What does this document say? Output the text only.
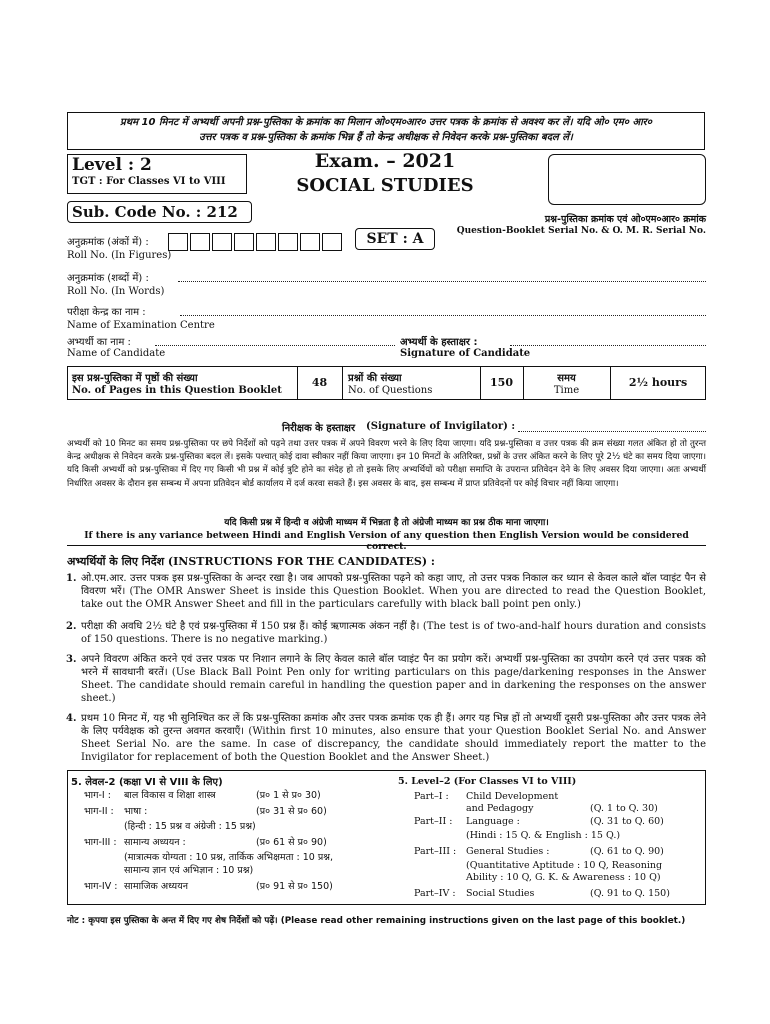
प्रथम 10 मिनट में अभ्यर्थी अपनी प्रश्न-पुस्तिका के क्रमांक का मिलान ओ०एम०आर० उत्तर पत्रक के क्रमांक से अवश्य कर लें। यदि ओ० एम० आर०
उत्तर पत्रक व प्रश्न-पुस्तिका के क्रमांक भिन्न हैं तो केन्द्र अधीक्षक से निवेदन करके प्रश्न-पुस्तिका बदल लें।
Level : 2
TGT : For Classes VI to VIII
Exam. – 2021
SOCIAL STUDIES
Sub. Code No. : 212	प्रश्न-पुस्तिका क्रमांक एवं ओ०एम०आर० क्रमांक
Question-Booklet Serial No. & O. M. R. Serial No.
SET : A
अनुक्रमांक (अंकों में) :
Roll No. (In Figures)
अनुक्रमांक (शब्दों में) :
Roll No. (In Words)
परीक्षा केन्द्र का नाम :
Name of Examination Centre
अभ्यर्थी का नाम :
Name of Candidate
अभ्यर्थी के हस्ताक्षर :
Signature of Candidate
इस प्रश्न-पुस्तिका में पृष्ठों की संख्या
No. of Pages in this Question Booklet
48	प्रश्नों की संख्या
No. of Questions
150	समय
Time
2½ hours
निरीक्षक के हस्ताक्षर (Signature of Invigilator) :
अभ्यर्थी को 10 मिनट का समय प्रश्न-पुस्तिका पर छपे निर्देशों को पढ़ने तथा उत्तर पत्रक में अपने विवरण भरने के लिए दिया जाएगा। यदि प्रश्न-पुस्तिका व उत्तर पत्रक की क्रम संख्या गलत अंकित हो तो तुरन्त केन्द्र अधीक्षक से निवेदन करके प्रश्न-पुस्तिका बदल लें। इसके पश्चात् कोई दावा स्वीकार नहीं किया जाएगा। इन 10 मिनटों के अतिरिक्त, प्रश्नों के उत्तर अंकित करने के लिए पूरे 2½ घंटे का समय दिया जाएगा। यदि किसी अभ्यर्थी को प्रश्न-पुस्तिका में दिए गए किसी भी प्रश्न में कोई त्रुटि होने का संदेह हो तो इसके लिए अभ्यर्थियों को परीक्षा समाप्ति के उपरान्त प्रतिवेदन देने के लिए अवसर दिया जाएगा। अतः अभ्यर्थी निर्धारित अवसर के दौरान इस सम्बन्ध में अपना प्रतिवेदन बोर्ड कार्यालय में दर्ज करवा सकते हैं। इस अवसर के बाद, इस सम्बन्ध में प्राप्त प्रतिवेदनों पर कोई विचार नहीं किया जाएगा।
यदि किसी प्रश्न में हिन्दी व अंग्रेजी माध्यम में भिन्नता है तो अंग्रेजी माध्यम का प्रश्न ठीक माना जाएगा।
If there is any variance between Hindi and English Version of any question then English Version would be considered correct.
अभ्यर्थियों के लिए निर्देश (INSTRUCTIONS FOR THE CANDIDATES) :
1. ओ.एम.आर. उत्तर पत्रक इस प्रश्न-पुस्तिका के अन्दर रखा है। जब आपको प्रश्न-पुस्तिका पढ़ने को कहा जाए, तो उत्तर पत्रक निकाल कर ध्यान से केवल काले बॉल प्वाइंट पैन से विवरण भरें। (The OMR Answer Sheet is inside this Question Booklet. When you are directed to read the Question Booklet, take out the OMR Answer Sheet and fill in the particulars carefully with black ball point pen only.)
2. परीक्षा की अवधि 2½ घंटे है एवं प्रश्न-पुस्तिका में 150 प्रश्न हैं। कोई ऋणात्मक अंकन नहीं है। (The test is of two-and-half hours duration and consists of 150 questions. There is no negative marking.)
3. अपने विवरण अंकित करने एवं उत्तर पत्रक पर निशान लगाने के लिए केवल काले बॉल प्वाइंट पैन का प्रयोग करें। अभ्यर्थी प्रश्न-पुस्तिका का उपयोग करने एवं उत्तर पत्रक को भरने में सावधानी बरतें। (Use Black Ball Point Pen only for writing particulars on this page/darkening responses in the Answer Sheet. The candidate should remain careful in handling the question paper and in darkening the responses on the answer sheet.)
4. प्रथम 10 मिनट में, यह भी सुनिश्चित कर लें कि प्रश्न-पुस्तिका क्रमांक और उत्तर पत्रक क्रमांक एक ही हैं। अगर यह भिन्न हों तो अभ्यर्थी दूसरी प्रश्न-पुस्तिका और उत्तर पत्रक लेने के लिए पर्यवेक्षक को तुरन्त अवगत करवाएँ। (Within first 10 minutes, also ensure that your Question Booklet Serial No. and Answer Sheet Serial No. are the same. In case of discrepancy, the candidate should immediately report the matter to the Invigilator for replacement of both the Question Booklet and the Answer Sheet.)
5. लेवल-2 (कक्षा VI से VIII के लिए)
भाग-I : बाल विकास व शिक्षा शास्त्र	(प्र० 1 से प्र० 30)
भाग-II : भाषा :	(प्र० 31 से प्र० 60)
(हिन्दी : 15 प्रश्न व अंग्रेजी : 15 प्रश्न)
भाग-III : सामान्य अध्ययन :	(प्र० 61 से प्र० 90)
(मात्रात्मक योग्यता : 10 प्रश्न, तार्किक अभिक्षमता : 10 प्रश्न,
सामान्य ज्ञान एवं अभिज्ञान : 10 प्रश्न)
भाग-IV : सामाजिक अध्ययन	(प्र० 91 से प्र० 150)
5. Level–2 (For Classes VI to VIII)
Part–I : Child Development
and Pedagogy	(Q. 1 to Q. 30)
Part–II : Language :	(Q. 31 to Q. 60)
(Hindi : 15 Q. & English : 15 Q.)
Part–III : General Studies :	(Q. 61 to Q. 90)
(Quantitative Aptitude : 10 Q, Reasoning
Ability : 10 Q, G. K. & Awareness : 10 Q)
Part–IV : Social Studies	(Q. 91 to Q. 150)
नोट : कृपया इस पुस्तिका के अन्त में दिए गए शेष निर्देशों को पढ़ें। (Please read other remaining instructions given on the last page of this booklet.)
